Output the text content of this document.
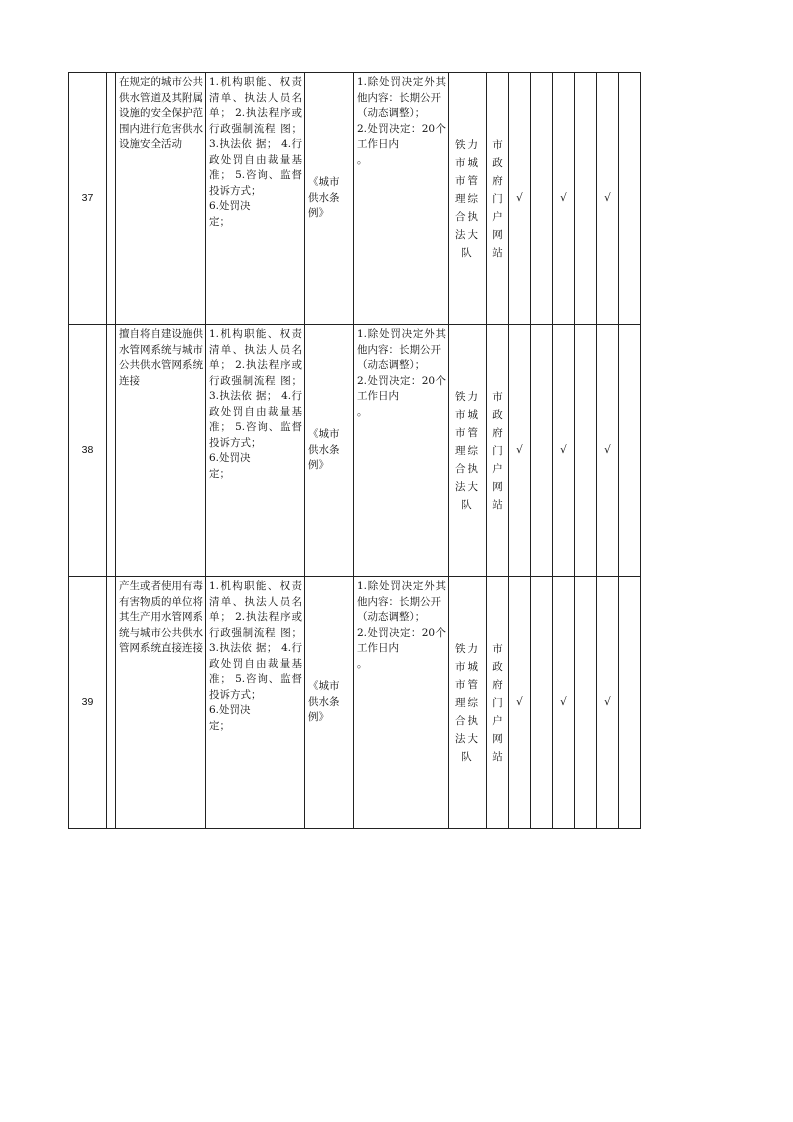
37		在规定的城市公共供水管道及其附属设施的安全保护范围内进行危害供水设施安全活动	1.机构职能、权责清单、执法人员名单； 2.执法程序或行政强制流程 图； 3.执法依 据； 4.行政处罚自由裁量基准； 5.咨询、监督投诉方式；
6.处罚决
定；	《城市
供水条
例》	1.除处罚决定外其他内容：长期公开
（动态调整）；
2.处罚决定：20个工作日内
。	铁力市城市管理综合执法大队	市政府门户网站	√		√		√	
38		擅自将自建设施供水管网系统与城市公共供水管网系统连接	1.机构职能、权责清单、执法人员名单； 2.执法程序或行政强制流程 图； 3.执法依 据； 4.行政处罚自由裁量基准； 5.咨询、监督投诉方式；
6.处罚决
定；	《城市
供水条
例》	1.除处罚决定外其他内容：长期公开
（动态调整）；
2.处罚决定：20个工作日内
。	铁力市城市管理综合执法大队	市政府门户网站	√		√		√	
39		产生或者使用有毒有害物质的单位将其生产用水管网系统与城市公共供水管网系统直接连接	1.机构职能、权责清单、执法人员名单； 2.执法程序或行政强制流程 图； 3.执法依 据； 4.行政处罚自由裁量基准； 5.咨询、监督投诉方式；
6.处罚决
定；	《城市
供水条
例》	1.除处罚决定外其他内容：长期公开
（动态调整）；
2.处罚决定：20个工作日内
。	铁力市城市管理综合执法大队	市政府门户网站	√		√		√	
